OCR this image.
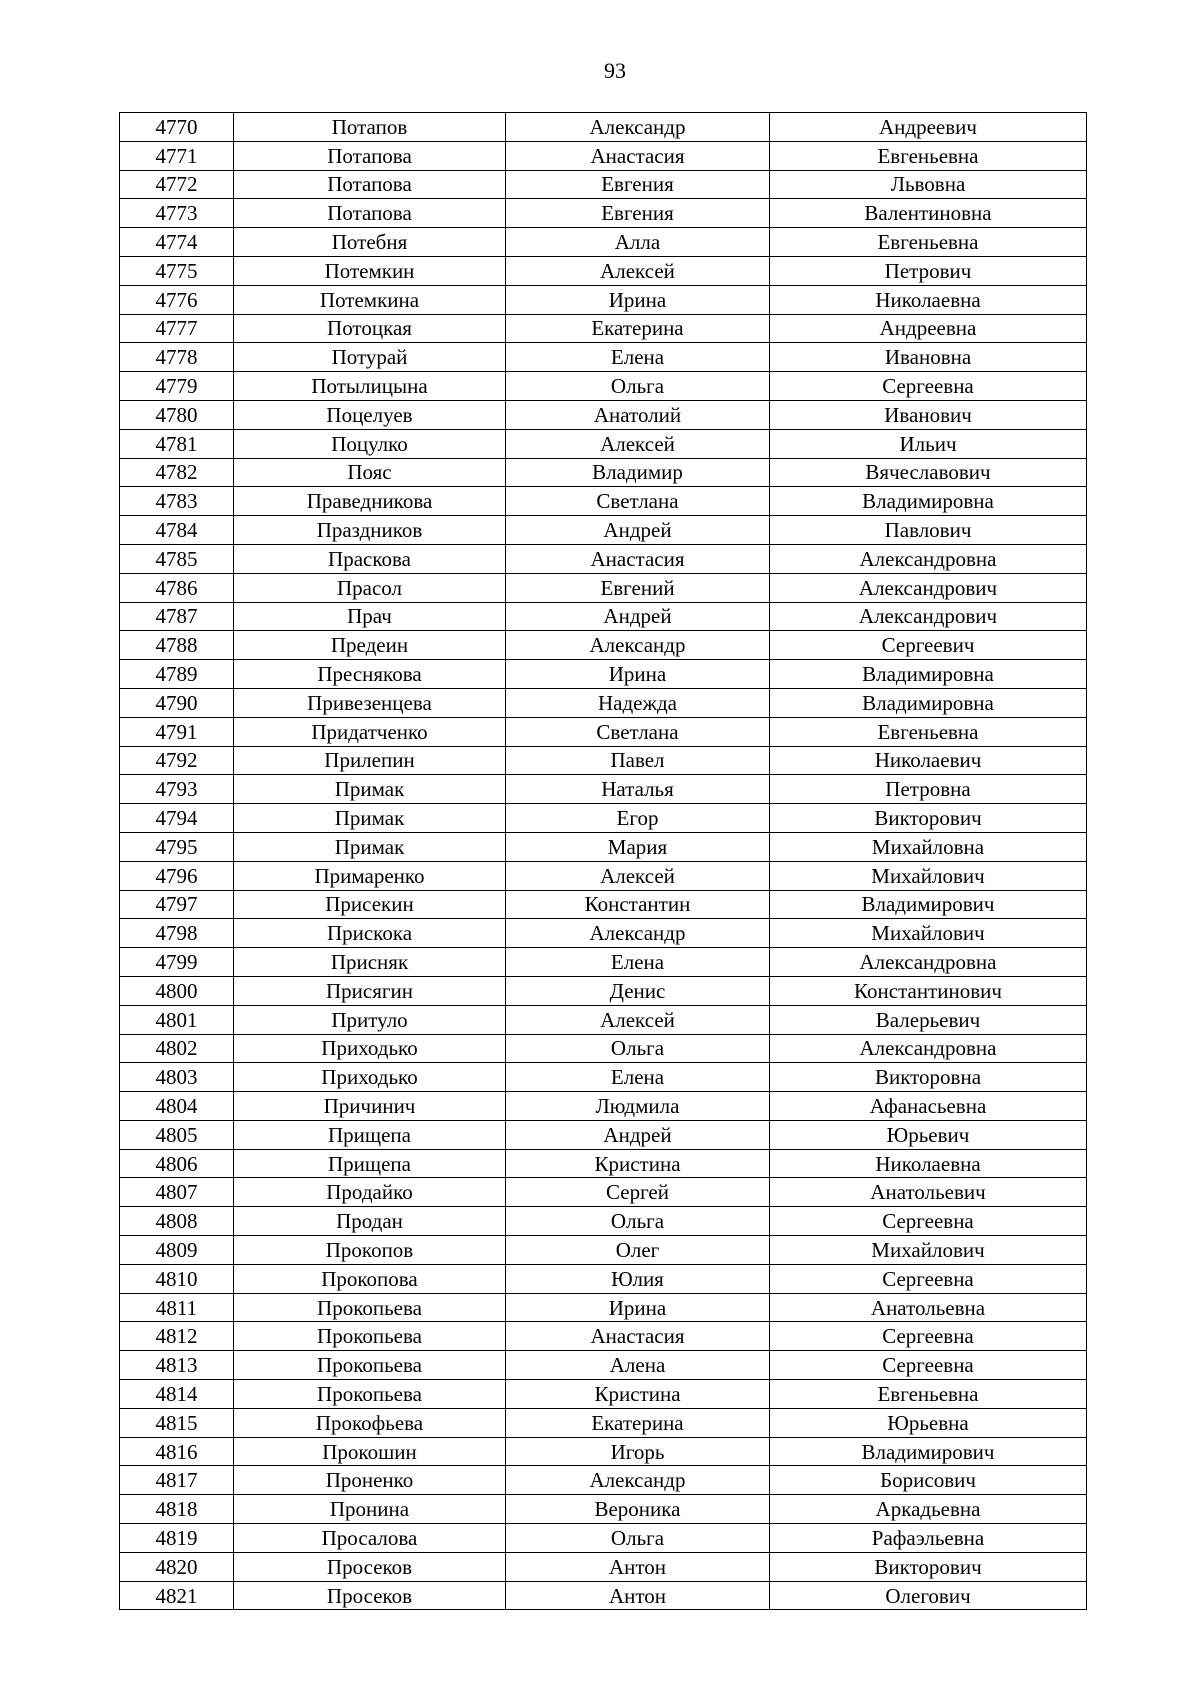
93
4770	Потапов	Александр	Андреевич
4771	Потапова	Анастасия	Евгеньевна
4772	Потапова	Евгения	Львовна
4773	Потапова	Евгения	Валентиновна
4774	Потебня	Алла	Евгеньевна
4775	Потемкин	Алексей	Петрович
4776	Потемкина	Ирина	Николаевна
4777	Потоцкая	Екатерина	Андреевна
4778	Потурай	Елена	Ивановна
4779	Потылицына	Ольга	Сергеевна
4780	Поцелуев	Анатолий	Иванович
4781	Поцулко	Алексей	Ильич
4782	Пояс	Владимир	Вячеславович
4783	Праведникова	Светлана	Владимировна
4784	Праздников	Андрей	Павлович
4785	Праскова	Анастасия	Александровна
4786	Прасол	Евгений	Александрович
4787	Прач	Андрей	Александрович
4788	Предеин	Александр	Сергеевич
4789	Преснякова	Ирина	Владимировна
4790	Привезенцева	Надежда	Владимировна
4791	Придатченко	Светлана	Евгеньевна
4792	Прилепин	Павел	Николаевич
4793	Примак	Наталья	Петровна
4794	Примак	Егор	Викторович
4795	Примак	Мария	Михайловна
4796	Примаренко	Алексей	Михайлович
4797	Присекин	Константин	Владимирович
4798	Прискока	Александр	Михайлович
4799	Присняк	Елена	Александровна
4800	Присягин	Денис	Константинович
4801	Притуло	Алексей	Валерьевич
4802	Приходько	Ольга	Александровна
4803	Приходько	Елена	Викторовна
4804	Причинич	Людмила	Афанасьевна
4805	Прищепа	Андрей	Юрьевич
4806	Прищепа	Кристина	Николаевна
4807	Продайко	Сергей	Анатольевич
4808	Продан	Ольга	Сергеевна
4809	Прокопов	Олег	Михайлович
4810	Прокопова	Юлия	Сергеевна
4811	Прокопьева	Ирина	Анатольевна
4812	Прокопьева	Анастасия	Сергеевна
4813	Прокопьева	Алена	Сергеевна
4814	Прокопьева	Кристина	Евгеньевна
4815	Прокофьева	Екатерина	Юрьевна
4816	Прокошин	Игорь	Владимирович
4817	Проненко	Александр	Борисович
4818	Пронина	Вероника	Аркадьевна
4819	Просалова	Ольга	Рафаэльевна
4820	Просеков	Антон	Викторович
4821	Просеков	Антон	Олегович
